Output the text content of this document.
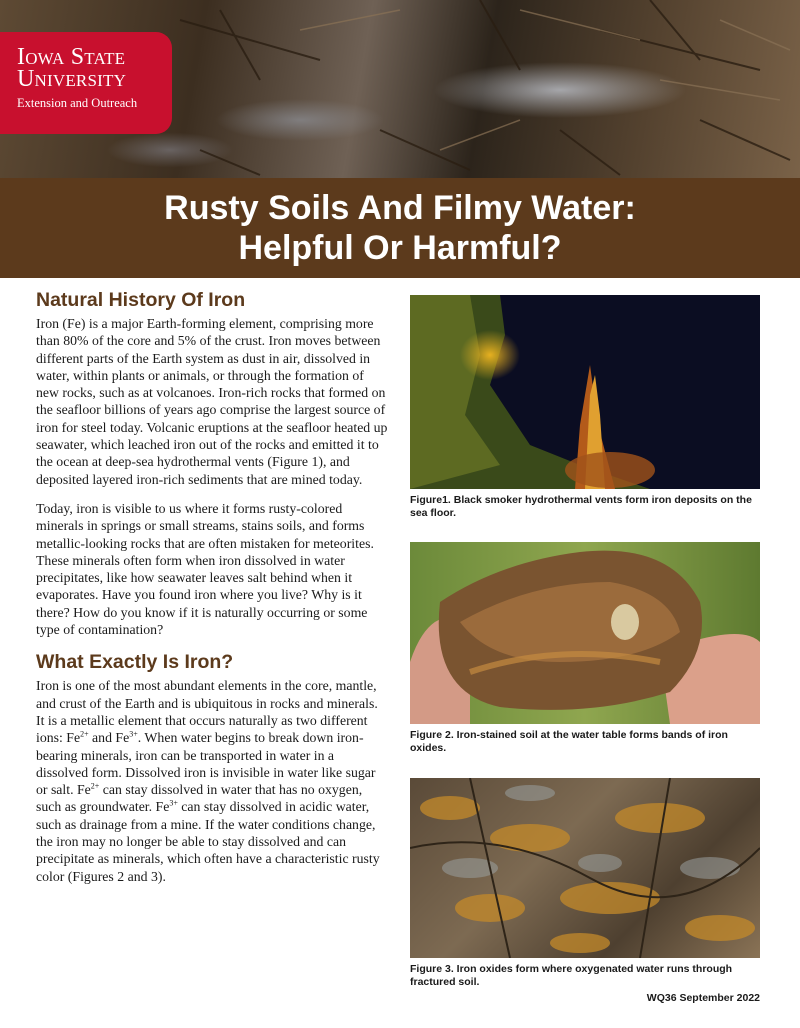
Iowa State
University
Extension and Outreach
Rusty Soils And Filmy Water:
Helpful Or Harmful?
Natural History Of Iron

Iron (Fe) is a major Earth-forming element, comprising more than 80% of the core and 5% of the crust. Iron moves between different parts of the Earth system as dust in air, dissolved in water, within plants or animals, or through the formation of new rocks, such as at volcanoes. Iron-rich rocks that formed on the seafloor billions of years ago comprise the largest source of iron for steel today. Volcanic eruptions at the seafloor heated up seawater, which leached iron out of the rocks and emitted it to the ocean at deep-sea hydrothermal vents (Figure 1), and deposited layered iron-rich sediments that are mined today.

Today, iron is visible to us where it forms rusty-colored minerals in springs or small streams, stains soils, and forms metallic-looking rocks that are often mistaken for meteorites. These minerals often form when iron dissolved in water precipitates, like how seawater leaves salt behind when it evaporates. Have you found iron where you live? Why is it there? How do you know if it is naturally occurring or some type of contamination?

What Exactly Is Iron?

Iron is one of the most abundant elements in the core, mantle, and crust of the Earth and is ubiquitous in rocks and minerals. It is a metallic element that occurs naturally as two different ions: $Fe^{2+}$ and $Fe^{3+}$. When water begins to break down iron-bearing minerals, iron can be transported in water in a dissolved form. Dissolved iron is invisible in water like sugar or salt. $Fe^{2+}$ can stay dissolved in water that has no oxygen, such as groundwater. $Fe^{3+}$ can stay dissolved in acidic water, such as drainage from a mine. If the water conditions change, the iron may no longer be able to stay dissolved and can precipitate as minerals, which often have a characteristic rusty color (Figures 2 and 3).

Figure1. Black smoker hydrothermal vents form iron deposits on the sea floor.
Figure 2. Iron-stained soil at the water table forms bands of iron oxides.
Figure 3. Iron oxides form where oxygenated water runs through fractured soil.
WQ36 September 2022
